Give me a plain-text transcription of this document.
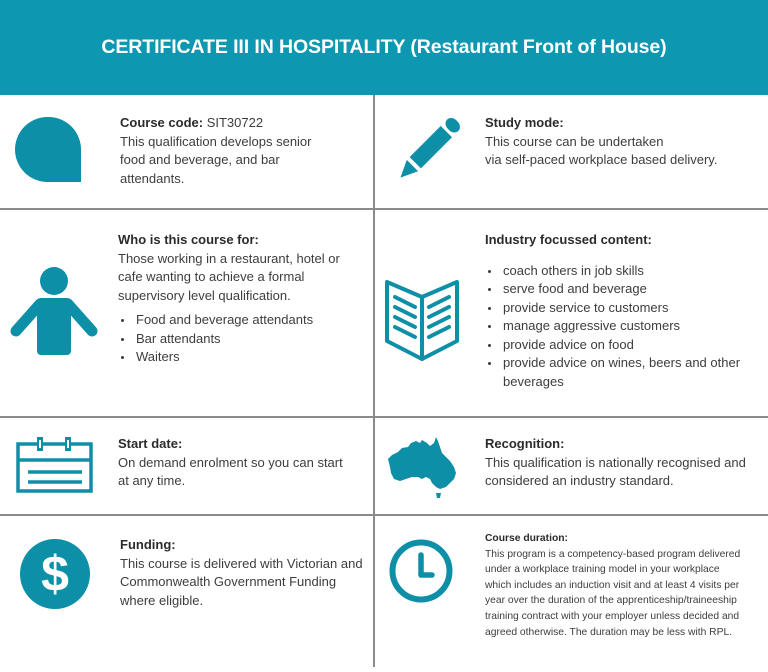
CERTIFICATE III IN HOSPITALITY (Restaurant Front of House)
Course code: SIT30722
This qualification develops senior food and beverage, and bar attendants.
Study mode:
This course can be undertaken
via self-paced workplace based delivery.
Who is this course for:
Those working in a restaurant, hotel or cafe wanting to achieve a formal supervisory level qualification.
Food and beverage attendants
Bar attendants
Waiters
Industry focussed content:
coach others in job skills
serve food and beverage
provide service to customers
manage aggressive customers
provide advice on food
provide advice on wines, beers and other beverages
Start date:
On demand enrolment so you can start at any time.
Recognition:
This qualification is nationally recognised and considered an industry standard.
$
Funding:
This course is delivered with Victorian and Commonwealth Government Funding where eligible.
Course duration:
This program is a competency-based program delivered under a workplace training model in your workplace which includes an induction visit and at least 4 visits per year over the duration of the apprenticeship/traineeship training contract with your employer unless decided and agreed otherwise. The duration may be less with RPL.
